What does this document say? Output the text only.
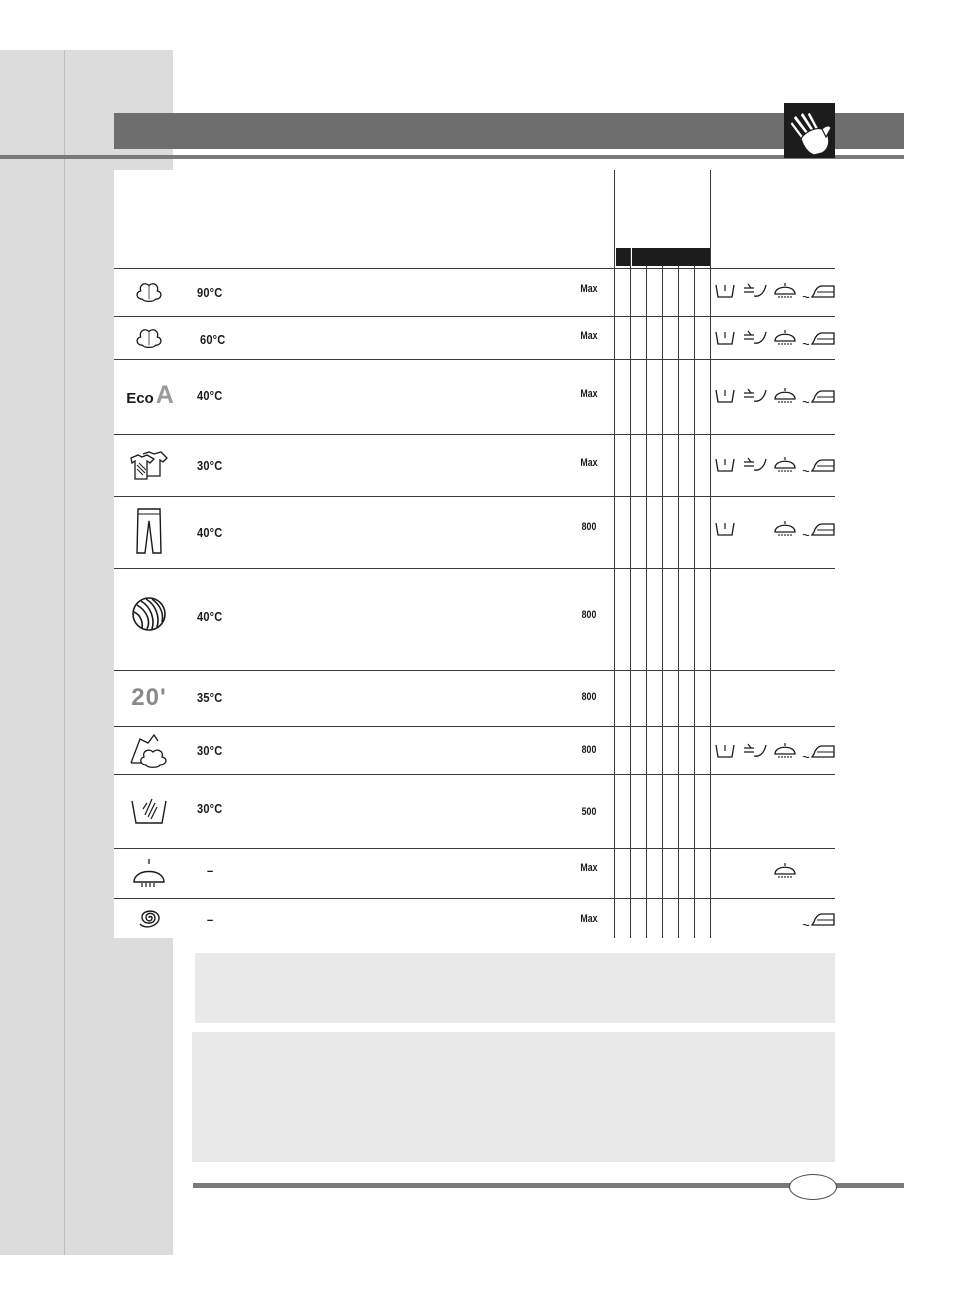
90°C	Max
60°C	Max
Eco A 40°C	Max
30°C	Max
40°C	800
40°C	800
20' 35°C	800
30°C	800
30°C	500
–	Max
–	Max
